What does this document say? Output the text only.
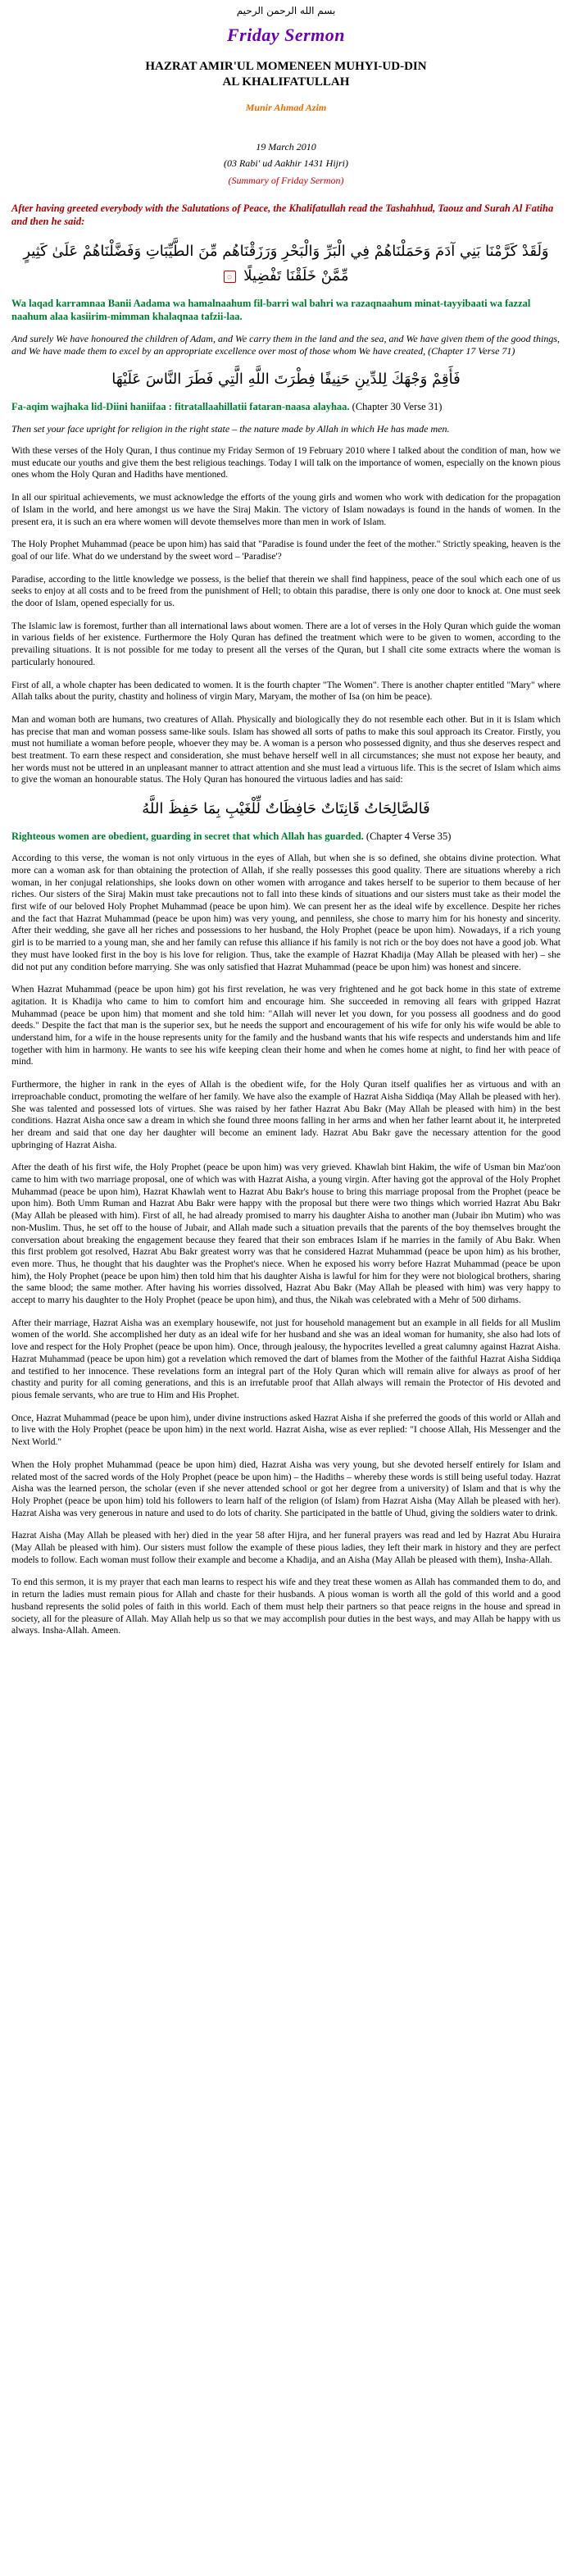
بسم الله الرحمن الرحيم
Friday Sermon
HAZRAT AMIR'UL MOMENEEN MUHYI-UD-DIN
AL KHALIFATULLAH
Munir Ahmad Azim
19 March 2010
(03 Rabi' ud Aakhir 1431 Hijri)
(Summary of Friday Sermon)
After having greeted everybody with the Salutations of Peace, the Khalifatullah read the Tashahhud, Taouz and Surah Al Fatiha and then he said:
وَلَقَدْ كَرَّمْنَا بَنِي آدَمَ وَحَمَلْنَاهُمْ فِي الْبَرِّ وَالْبَحْرِ وَرَزَقْنَاهُم مِّنَ الطَّيِّبَاتِ وَفَضَّلْنَاهُمْ عَلَىٰ كَثِيرٍ مِّمَّنْ خَلَقْنَا تَفْضِيلًا ۝
Wa laqad karramnaa Banii Aadama wa hamalnaahum fil-barri wal bahri wa razaqnaahum minat-tayyibaati wa fazzal naahum alaa kasiirim-mimman khalaqnaa tafzii-laa.
And surely We have honoured the children of Adam, and We carry them in the land and the sea, and We have given them of the good things, and We have made them to excel by an appropriate excellence over most of those whom We have created, (Chapter 17 Verse 71)
فَأَقِمْ وَجْهَكَ لِلدِّينِ حَنِيفًا فِطْرَتَ اللَّهِ الَّتِي فَطَرَ النَّاسَ عَلَيْهَا
Fa-aqim wajhaka lid-Diini haniifaa : fitratallaahillatii fataran-naasa alayhaa. (Chapter 30 Verse 31)
Then set your face upright for religion in the right state – the nature made by Allah in which He has made men.

With these verses of the Holy Quran, I thus continue my Friday Sermon of 19 February 2010 where I talked about the condition of man, how we must educate our youths and give them the best religious teachings. Today I will talk on the importance of women, especially on the known pious ones whom the Holy Quran and Hadiths have mentioned.

In all our spiritual achievements, we must acknowledge the efforts of the young girls and women who work with dedication for the propagation of Islam in the world, and here amongst us we have the Siraj Makin. The victory of Islam nowadays is found in the hands of women. In the present era, it is such an era where women will devote themselves more than men in work of Islam.

The Holy Prophet Muhammad (peace be upon him) has said that "Paradise is found under the feet of the mother." Strictly speaking, heaven is the goal of our life. What do we understand by the sweet word – 'Paradise'?

Paradise, according to the little knowledge we possess, is the belief that therein we shall find happiness, peace of the soul which each one of us seeks to enjoy at all costs and to be freed from the punishment of Hell; to obtain this paradise, there is only one door to knock at. One must seek the door of Islam, opened especially for us.

The Islamic law is foremost, further than all international laws about women. There are a lot of verses in the Holy Quran which guide the woman in various fields of her existence. Furthermore the Holy Quran has defined the treatment which were to be given to women, according to the prevailing situations. It is not possible for me today to present all the verses of the Quran, but I shall cite some extracts where the woman is particularly honoured.

First of all, a whole chapter has been dedicated to women. It is the fourth chapter "The Women". There is another chapter entitled "Mary" where Allah talks about the purity, chastity and holiness of virgin Mary, Maryam, the mother of Isa (on him be peace).

Man and woman both are humans, two creatures of Allah. Physically and biologically they do not resemble each other. But in it is Islam which has precise that man and woman possess same-like souls. Islam has showed all sorts of paths to make this soul approach its Creator. Firstly, you must not humiliate a woman before people, whoever they may be. A woman is a person who possessed dignity, and thus she deserves respect and best treatment. To earn these respect and consideration, she must behave herself well in all circumstances; she must not expose her beauty, and her words must not be uttered in an unpleasant manner to attract attention and she must lead a virtuous life. This is the secret of Islam which aims to give the woman an honourable status. The Holy Quran has honoured the virtuous ladies and has said:

فَالصَّالِحَاتُ قَانِتَاتٌ حَافِظَاتٌ لِّلْغَيْبِ بِمَا حَفِظَ اللَّهُ
Righteous women are obedient, guarding in secret that which Allah has guarded. (Chapter 4 Verse 35)

According to this verse, the woman is not only virtuous in the eyes of Allah, but when she is so defined, she obtains divine protection. What more can a woman ask for than obtaining the protection of Allah, if she really possesses this good quality. There are situations whereby a rich woman, in her conjugal relationships, she looks down on other women with arrogance and takes herself to be superior to them because of her riches. Our sisters of the Siraj Makin must take precautions not to fall into these kinds of situations and our sisters must take as their model the first wife of our beloved Holy Prophet Muhammad (peace be upon him). We can present her as the ideal wife by excellence. Despite her riches and the fact that Hazrat Muhammad (peace be upon him) was very young, and penniless, she chose to marry him for his honesty and sincerity. After their wedding, she gave all her riches and possessions to her husband, the Holy Prophet (peace be upon him). Nowadays, if a rich young girl is to be married to a young man, she and her family can refuse this alliance if his family is not rich or the boy does not have a good job. What they must have looked first in the boy is his love for religion. Thus, take the example of Hazrat Khadija (May Allah be pleased with her) – she did not put any condition before marrying. She was only satisfied that Hazrat Muhammad (peace be upon him) was honest and sincere.

When Hazrat Muhammad (peace be upon him) got his first revelation, he was very frightened and he got back home in this state of extreme agitation. It is Khadija who came to him to comfort him and encourage him. She succeeded in removing all fears with gripped Hazrat Muhammad (peace be upon him) that moment and she told him: "Allah will never let you down, for you possess all goodness and do good deeds." Despite the fact that man is the superior sex, but he needs the support and encouragement of his wife for only his wife would be able to understand him, for a wife in the house represents unity for the family and the husband wants that his wife respects and understands him and life together with him in harmony. He wants to see his wife keeping clean their home and when he comes home at night, to find her with peace of mind.

Furthermore, the higher in rank in the eyes of Allah is the obedient wife, for the Holy Quran itself qualifies her as virtuous and with an irreproachable conduct, promoting the welfare of her family. We have also the example of Hazrat Aisha Siddiqa (May Allah be pleased with her). She was talented and possessed lots of virtues. She was raised by her father Hazrat Abu Bakr (May Allah be pleased with him) in the best conditions. Hazrat Aisha once saw a dream in which she found three moons falling in her arms and when her father learnt about it, he interpreted her dream and said that one day her daughter will become an eminent lady. Hazrat Abu Bakr gave the necessary attention for the good upbringing of Hazrat Aisha.

After the death of his first wife, the Holy Prophet (peace be upon him) was very grieved. Khawlah bint Hakim, the wife of Usman bin Maz'oon came to him with two marriage proposal, one of which was with Hazrat Aisha, a young virgin. After having got the approval of the Holy Prophet Muhammad (peace be upon him), Hazrat Khawlah went to Hazrat Abu Bakr's house to bring this marriage proposal from the Prophet (peace be upon him). Both Umm Ruman and Hazrat Abu Bakr were happy with the proposal but there were two things which worried Hazrat Abu Bakr (May Allah be pleased with him). First of all, he had already promised to marry his daughter Aisha to another man (Jubair ibn Mutim) who was non-Muslim. Thus, he set off to the house of Jubair, and Allah made such a situation prevails that the parents of the boy themselves brought the conversation about breaking the engagement because they feared that their son embraces Islam if he marries in the family of Abu Bakr. When this first problem got resolved, Hazrat Abu Bakr greatest worry was that he considered Hazrat Muhammad (peace be upon him) as his brother, even more. Thus, he thought that his daughter was the Prophet's niece. When he exposed his worry before Hazrat Muhammad (peace be upon him), the Holy Prophet (peace be upon him) then told him that his daughter Aisha is lawful for him for they were not biological brothers, sharing the same blood; the same mother. After having his worries dissolved, Hazrat Abu Bakr (May Allah be pleased with him) was very happy to accept to marry his daughter to the Holy Prophet (peace be upon him), and thus, the Nikah was celebrated with a Mehr of 500 dirhams.

After their marriage, Hazrat Aisha was an exemplary housewife, not just for household management but an example in all fields for all Muslim women of the world. She accomplished her duty as an ideal wife for her husband and she was an ideal woman for humanity, she also had lots of love and respect for the Holy Prophet (peace be upon him). Once, through jealousy, the hypocrites levelled a great calumny against Hazrat Aisha. Hazrat Muhammad (peace be upon him) got a revelation which removed the dart of blames from the Mother of the faithful Hazrat Aisha Siddiqa and testified to her innocence. These revelations form an integral part of the Holy Quran which will remain alive for always as proof of her chastity and purity for all coming generations, and this is an irrefutable proof that Allah always will remain the Protector of His devoted and pious female servants, who are true to Him and His Prophet.

Once, Hazrat Muhammad (peace be upon him), under divine instructions asked Hazrat Aisha if she preferred the goods of this world or Allah and to live with the Holy Prophet (peace be upon him) in the next world. Hazrat Aisha, wise as ever replied: "I choose Allah, His Messenger and the Next World."

When the Holy prophet Muhammad (peace be upon him) died, Hazrat Aisha was very young, but she devoted herself entirely for Islam and related most of the sacred words of the Holy Prophet (peace be upon him) – the Hadiths – whereby these words is still being useful today. Hazrat Aisha was the learned person, the scholar (even if she never attended school or got her degree from a university) of Islam and that is why the Holy Prophet (peace be upon him) told his followers to learn half of the religion (of Islam) from Hazrat Aisha (May Allah be pleased with her). Hazrat Aisha was very generous in nature and used to do lots of charity. She participated in the battle of Uhud, giving the soldiers water to drink.

Hazrat Aisha (May Allah be pleased with her) died in the year 58 after Hijra, and her funeral prayers was read and led by Hazrat Abu Huraira (May Allah be pleased with him). Our sisters must follow the example of these pious ladies, they left their mark in history and they are perfect models to follow. Each woman must follow their example and become a Khadija, and an Aisha (May Allah be pleased with them), Insha-Allah.

To end this sermon, it is my prayer that each man learns to respect his wife and they treat these women as Allah has commanded them to do, and in return the ladies must remain pious for Allah and chaste for their husbands. A pious woman is worth all the gold of this world and a good husband represents the solid poles of faith in this world. Each of them must help their partners so that peace reigns in the house and spread in society, all for the pleasure of Allah. May Allah help us so that we may accomplish pour duties in the best ways, and may Allah be happy with us always. Insha-Allah. Ameen.
